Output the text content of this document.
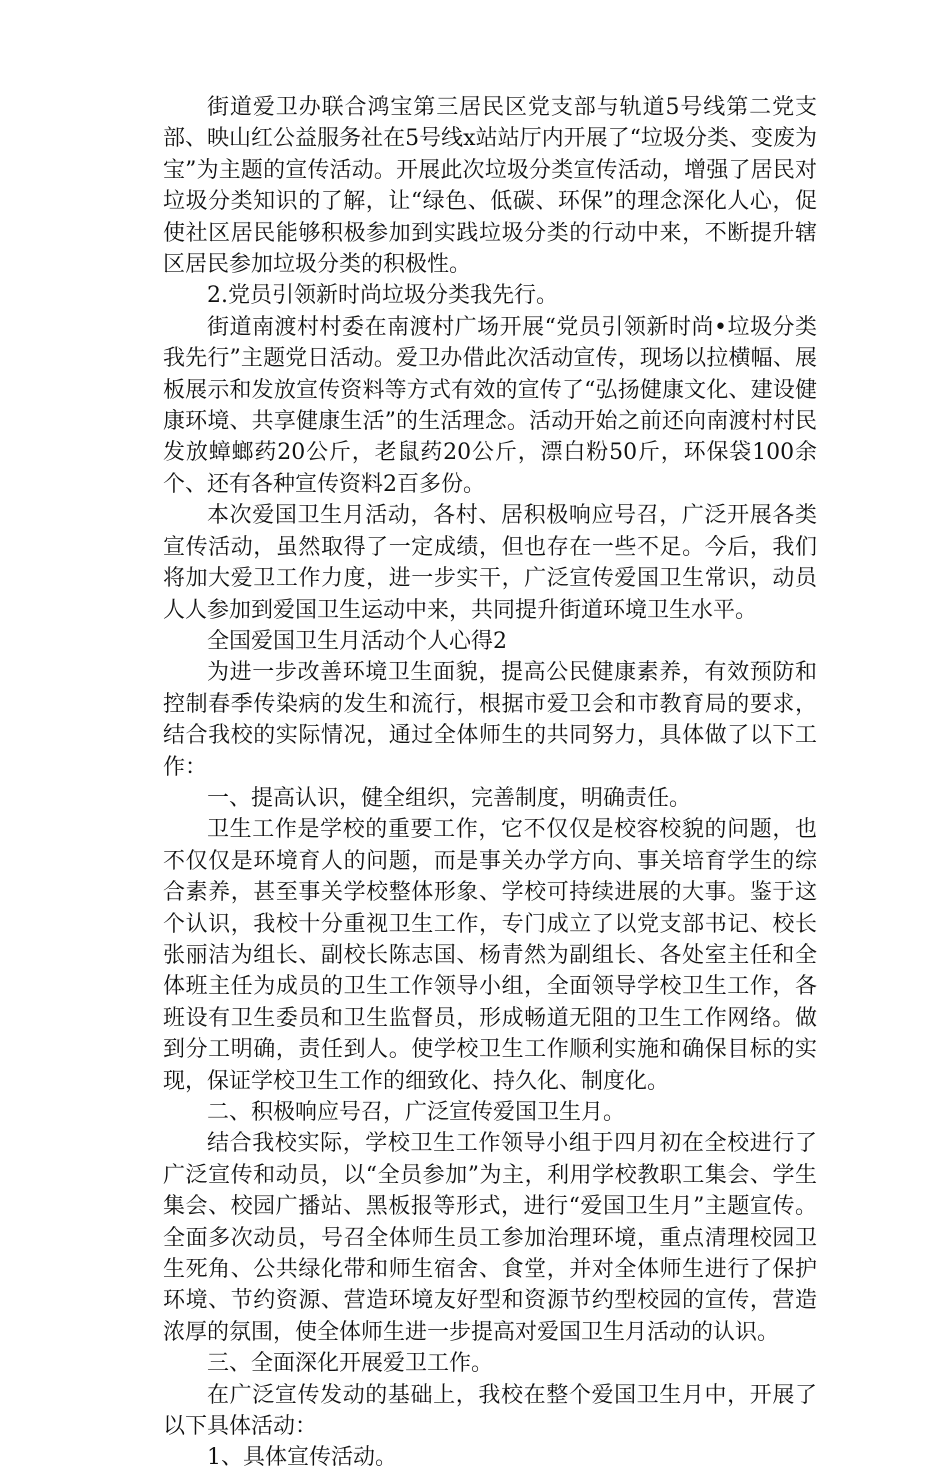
街道爱卫办联合鸿宝第三居民区党支部与轨道5号线第二党支部、映山红公益服务社在5号线x站站厅内开展了“垃圾分类、变废为宝”为主题的宣传活动。开展此次垃圾分类宣传活动，增强了居民对垃圾分类知识的了解，让“绿色、低碳、环保”的理念深化人心，促使社区居民能够积极参加到实践垃圾分类的行动中来，不断提升辖区居民参加垃圾分类的积极性。

2.党员引领新时尚垃圾分类我先行。

街道南渡村村委在南渡村广场开展“党员引领新时尚•垃圾分类我先行”主题党日活动。爱卫办借此次活动宣传，现场以拉横幅、展板展示和发放宣传资料等方式有效的宣传了“弘扬健康文化、建设健康环境、共享健康生活”的生活理念。活动开始之前还向南渡村村民发放蟑螂药20公斤，老鼠药20公斤，漂白粉50斤，环保袋100余个、还有各种宣传资料2百多份。

本次爱国卫生月活动，各村、居积极响应号召，广泛开展各类宣传活动，虽然取得了一定成绩，但也存在一些不足。今后，我们将加大爱卫工作力度，进一步实干，广泛宣传爱国卫生常识，动员人人参加到爱国卫生运动中来，共同提升街道环境卫生水平。

全国爱国卫生月活动个人心得2

为进一步改善环境卫生面貌，提高公民健康素养，有效预防和控制春季传染病的发生和流行，根据市爱卫会和市教育局的要求，结合我校的实际情况，通过全体师生的共同努力，具体做了以下工作：

一、提高认识，健全组织，完善制度，明确责任。

卫生工作是学校的重要工作，它不仅仅是校容校貌的问题，也不仅仅是环境育人的问题，而是事关办学方向、事关培育学生的综合素养，甚至事关学校整体形象、学校可持续进展的大事。鉴于这个认识，我校十分重视卫生工作，专门成立了以党支部书记、校长张丽洁为组长、副校长陈志国、杨青然为副组长、各处室主任和全体班主任为成员的卫生工作领导小组，全面领导学校卫生工作，各班设有卫生委员和卫生监督员，形成畅道无阻的卫生工作网络。做到分工明确，责任到人。使学校卫生工作顺利实施和确保目标的实现，保证学校卫生工作的细致化、持久化、制度化。

二、积极响应号召，广泛宣传爱国卫生月。

结合我校实际，学校卫生工作领导小组于四月初在全校进行了广泛宣传和动员，以“全员参加”为主，利用学校教职工集会、学生集会、校园广播站、黑板报等形式，进行“爱国卫生月”主题宣传。全面多次动员，号召全体师生员工参加治理环境，重点清理校园卫生死角、公共绿化带和师生宿舍、食堂，并对全体师生进行了保护环境、节约资源、营造环境友好型和资源节约型校园的宣传，营造浓厚的氛围，使全体师生进一步提高对爱国卫生月活动的认识。

三、全面深化开展爱卫工作。

在广泛宣传发动的基础上，我校在整个爱国卫生月中，开展了以下具体活动：

1、具体宣传活动。
